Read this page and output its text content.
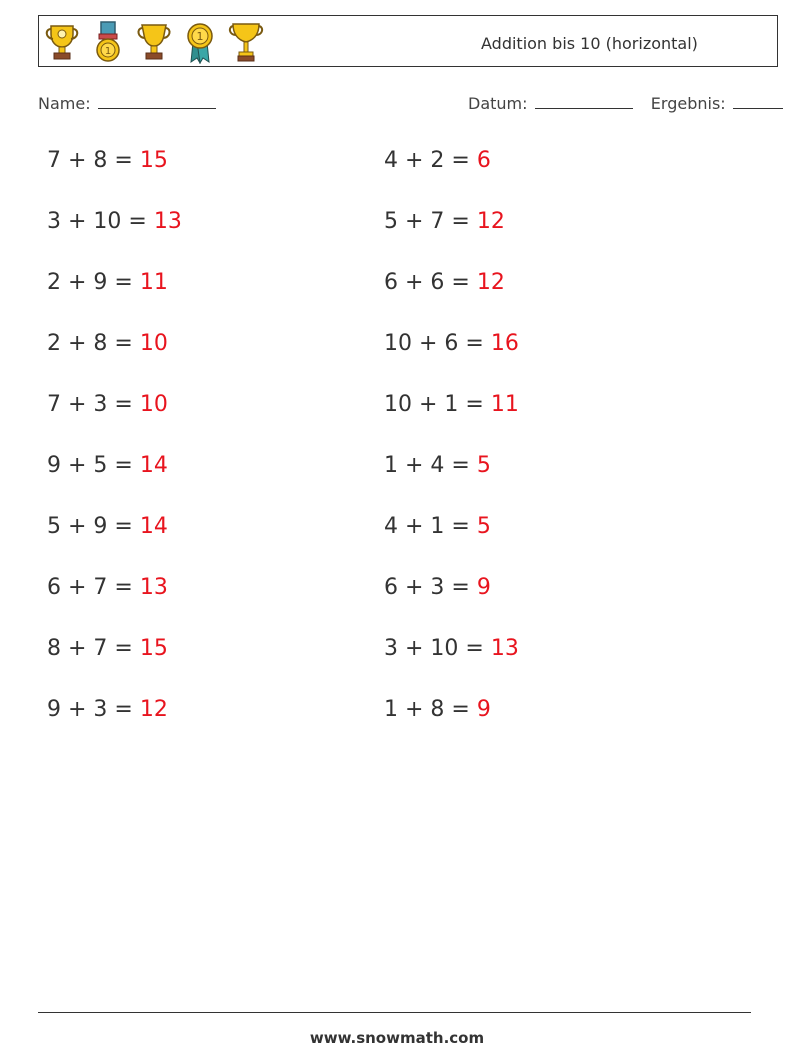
1
1	Addition bis 10 (horizontal)
Name:	Datum:	Ergebnis:
7 + 8 = 15
3 + 10 = 13
2 + 9 = 11
2 + 8 = 10
7 + 3 = 10
9 + 5 = 14
5 + 9 = 14
6 + 7 = 13
8 + 7 = 15
9 + 3 = 12
4 + 2 = 6
5 + 7 = 12
6 + 6 = 12
10 + 6 = 16
10 + 1 = 11
1 + 4 = 5
4 + 1 = 5
6 + 3 = 9
3 + 10 = 13
1 + 8 = 9
www.snowmath.com
